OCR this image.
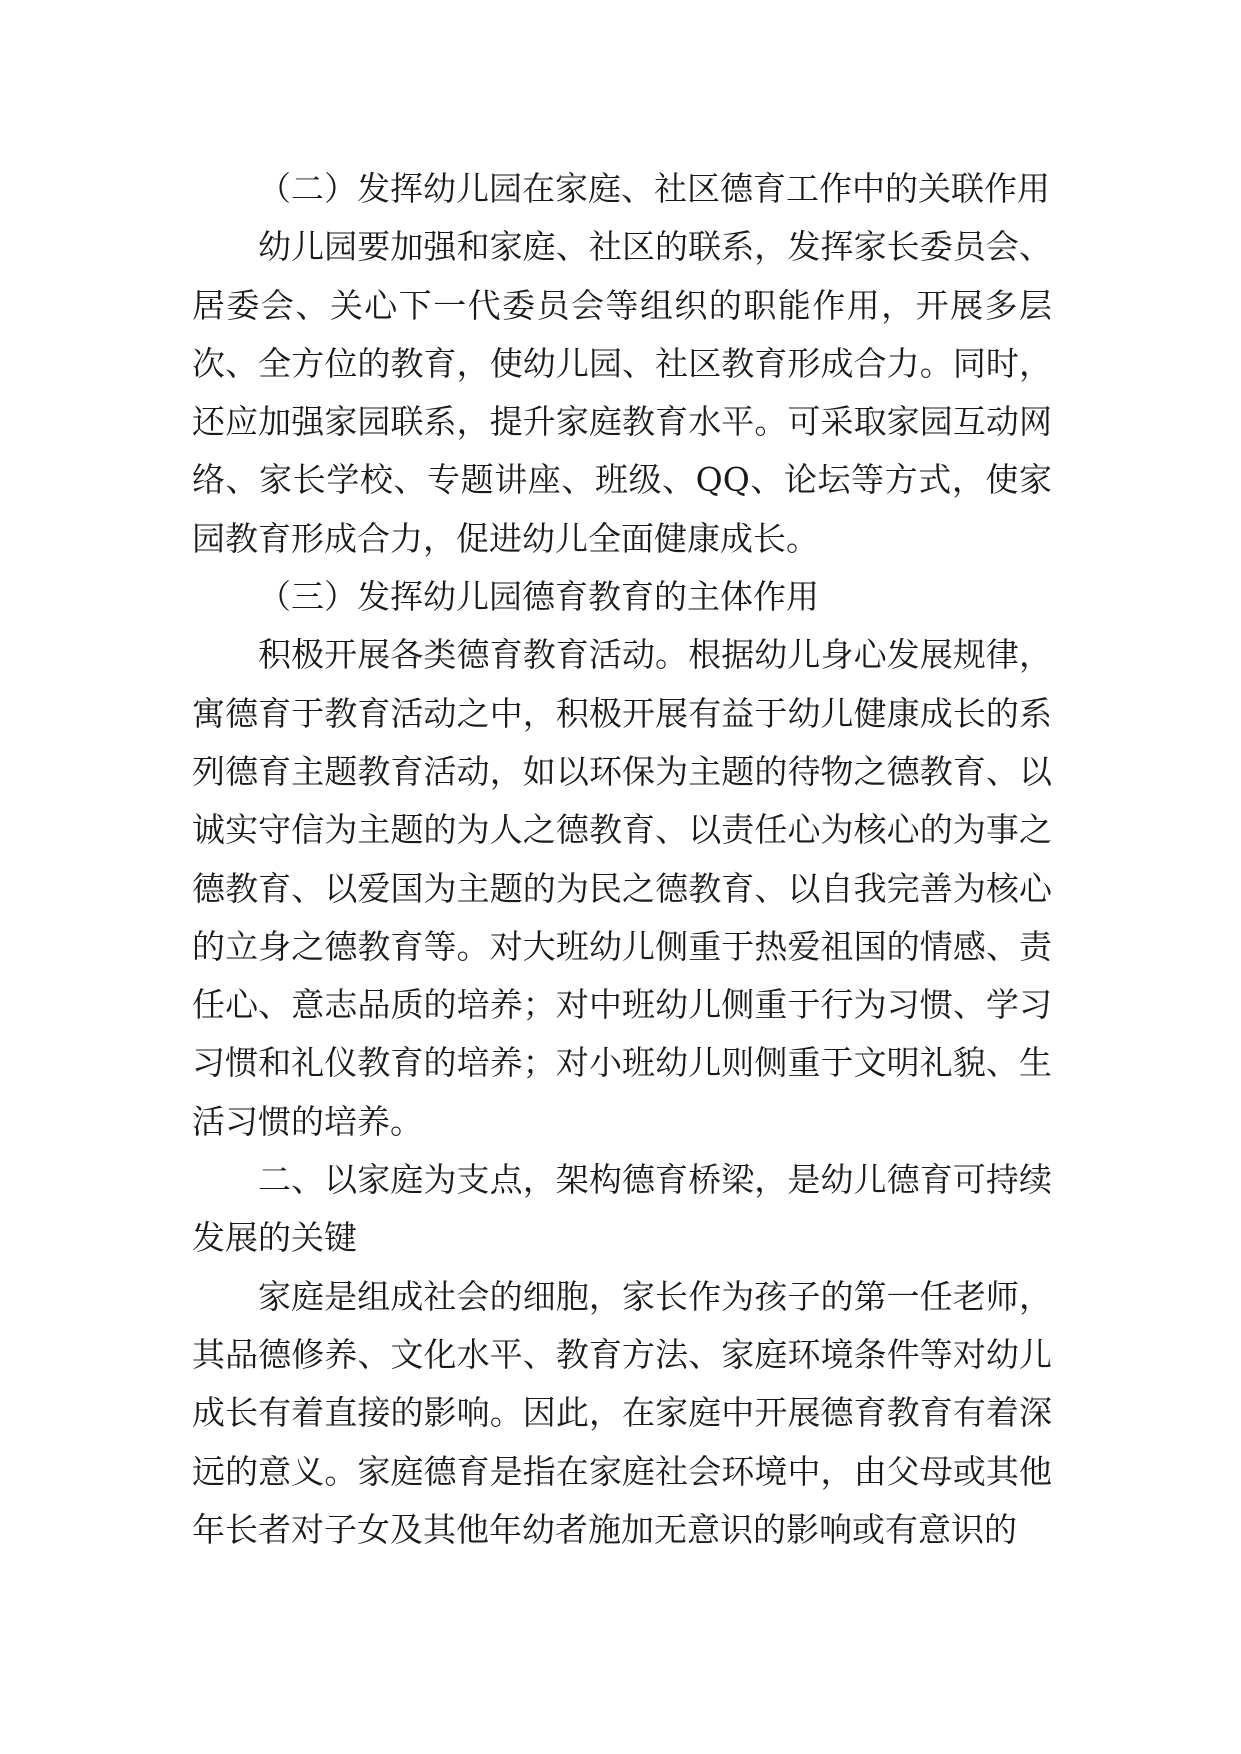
（二）发挥幼儿园在家庭、社区德育工作中的关联作用

幼儿园要加强和家庭、社区的联系，发挥家长委员会、居委会、关心下一代委员会等组织的职能作用，开展多层次、全方位的教育，使幼儿园、社区教育形成合力。同时，还应加强家园联系，提升家庭教育水平。可采取家园互动网络、家长学校、专题讲座、班级、QQ、论坛等方式，使家园教育形成合力，促进幼儿全面健康成长。

（三）发挥幼儿园德育教育的主体作用

积极开展各类德育教育活动。根据幼儿身心发展规律，寓德育于教育活动之中，积极开展有益于幼儿健康成长的系列德育主题教育活动，如以环保为主题的待物之德教育、以诚实守信为主题的为人之德教育、以责任心为核心的为事之德教育、以爱国为主题的为民之德教育、以自我完善为核心的立身之德教育等。对大班幼儿侧重于热爱祖国的情感、责任心、意志品质的培养；对中班幼儿侧重于行为习惯、学习习惯和礼仪教育的培养；对小班幼儿则侧重于文明礼貌、生活习惯的培养。

二、以家庭为支点，架构德育桥梁，是幼儿德育可持续发展的关键

家庭是组成社会的细胞，家长作为孩子的第一任老师，其品德修养、文化水平、教育方法、家庭环境条件等对幼儿成长有着直接的影响。因此，在家庭中开展德育教育有着深远的意义。家庭德育是指在家庭社会环境中，由父母或其他年长者对子女及其他年幼者施加无意识的影响或有意识的
